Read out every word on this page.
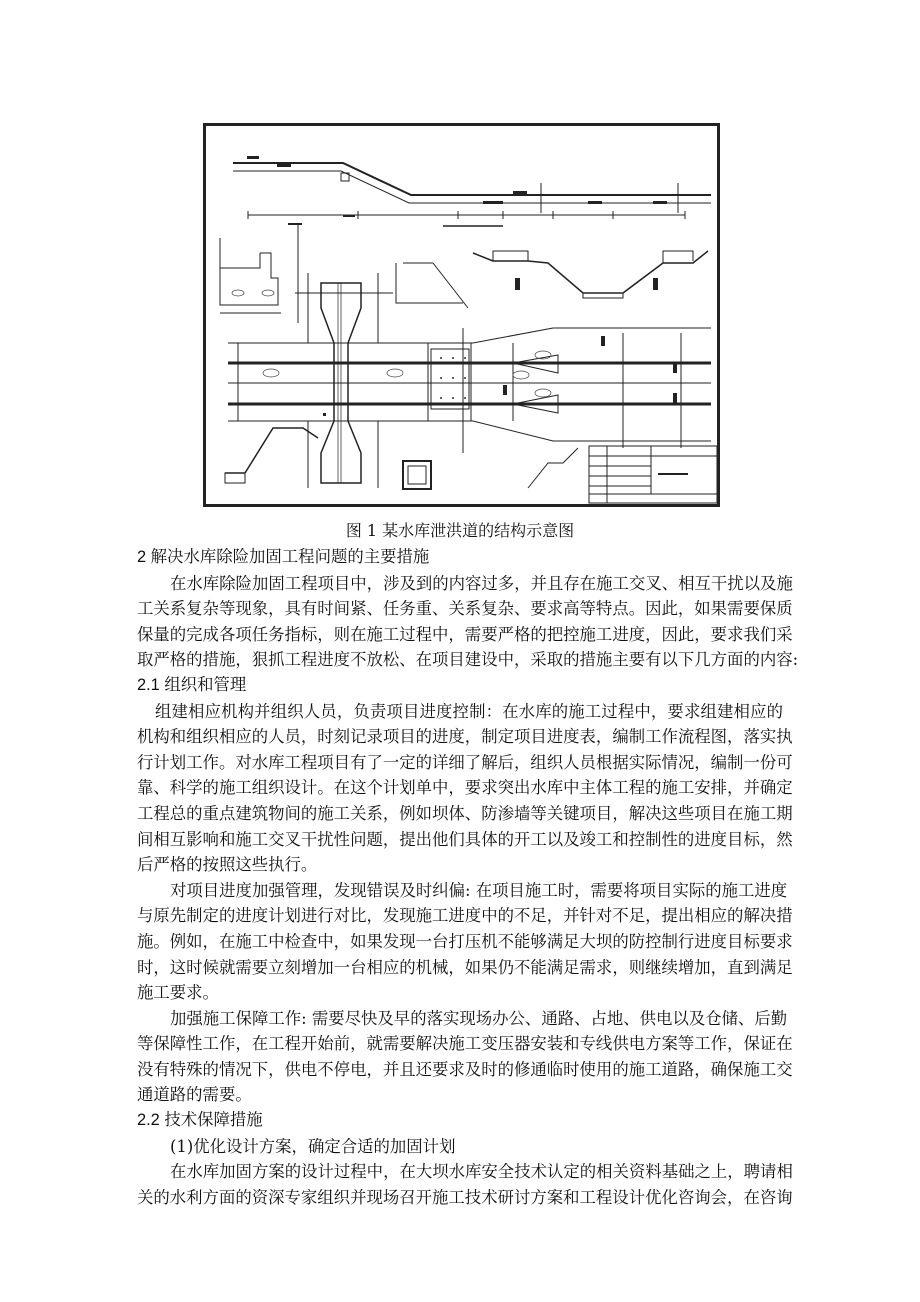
图 1 某水库泄洪道的结构示意图
2 解决水库除险加固工程问题的主要措施
在水库除险加固工程项目中，涉及到的内容过多，并且存在施工交叉、相互干扰以及施
工关系复杂等现象，具有时间紧、任务重、关系复杂、要求高等特点。因此，如果需要保质
保量的完成各项任务指标，则在施工过程中，需要严格的把控施工进度，因此，要求我们采
取严格的措施，狠抓工程进度不放松、在项目建设中，采取的措施主要有以下几方面的内容:
2.1 组织和管理
组建相应机构并组织人员，负责项目进度控制：在水库的施工过程中，要求组建相应的
机构和组织相应的人员，时刻记录项目的进度，制定项目进度表，编制工作流程图，落实执
行计划工作。对水库工程项目有了一定的详细了解后，组织人员根据实际情况，编制一份可
靠、科学的施工组织设计。在这个计划单中，要求突出水库中主体工程的施工安排，并确定
工程总的重点建筑物间的施工关系，例如坝体、防渗墙等关键项目，解决这些项目在施工期
间相互影响和施工交叉干扰性问题，提出他们具体的开工以及竣工和控制性的进度目标，然
后严格的按照这些执行。
对项目进度加强管理，发现错误及时纠偏: 在项目施工时，需要将项目实际的施工进度
与原先制定的进度计划进行对比，发现施工进度中的不足，并针对不足，提出相应的解决措
施。例如，在施工中检查中，如果发现一台打压机不能够满足大坝的防控制行进度目标要求
时，这时候就需要立刻增加一台相应的机械，如果仍不能满足需求，则继续增加，直到满足
施工要求。
加强施工保障工作: 需要尽快及早的落实现场办公、通路、占地、供电以及仓储、后勤
等保障性工作，在工程开始前，就需要解决施工变压器安装和专线供电方案等工作，保证在
没有特殊的情况下，供电不停电，并且还要求及时的修通临时使用的施工道路，确保施工交
通道路的需要。
2.2 技术保障措施
(1)优化设计方案，确定合适的加固计划
在水库加固方案的设计过程中，在大坝水库安全技术认定的相关资料基础之上，聘请相
关的水利方面的资深专家组织并现场召开施工技术研讨方案和工程设计优化咨询会，在咨询
